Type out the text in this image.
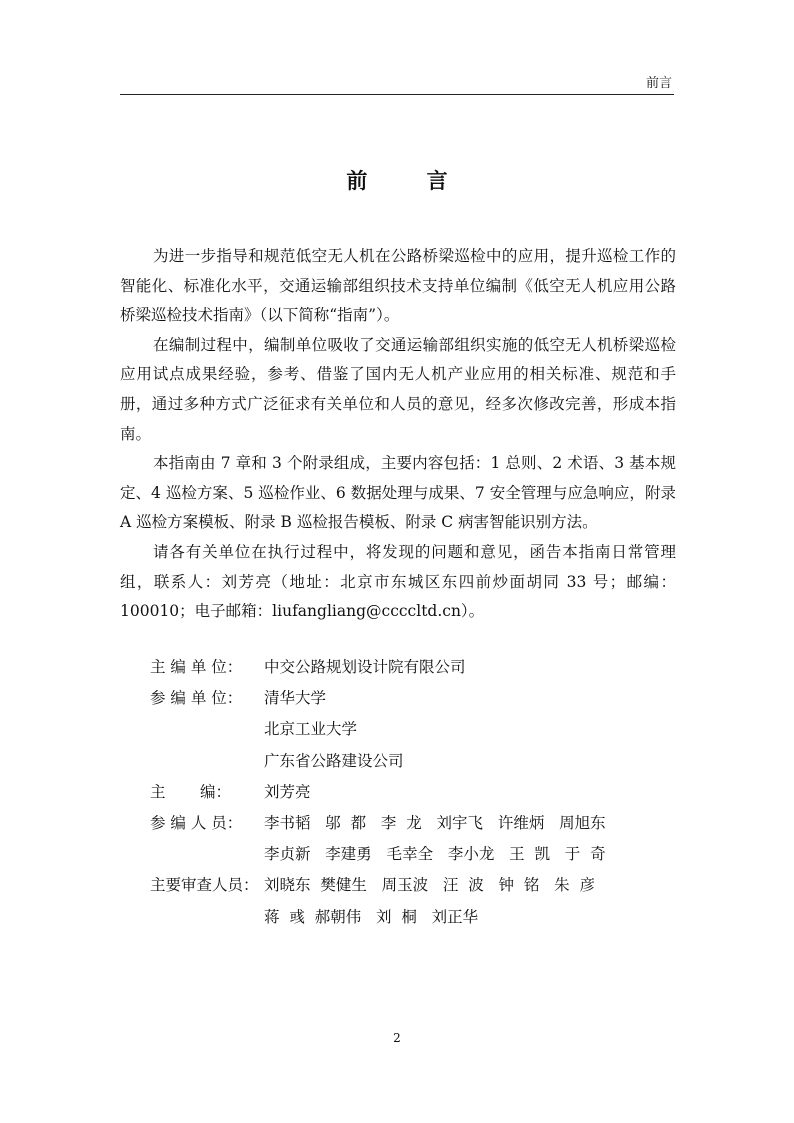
前言
前 言

为进一步指导和规范低空无人机在公路桥梁巡检中的应用，提升巡检工作的智能化、标准化水平，交通运输部组织技术支持单位编制《低空无人机应用公路桥梁巡检技术指南》（以下简称“指南”）。

在编制过程中，编制单位吸收了交通运输部组织实施的低空无人机桥梁巡检应用试点成果经验，参考、借鉴了国内无人机产业应用的相关标准、规范和手册，通过多种方式广泛征求有关单位和人员的意见，经多次修改完善，形成本指南。

本指南由 7 章和 3 个附录组成，主要内容包括：1 总则、2 术语、3 基本规定、4 巡检方案、5 巡检作业、6 数据处理与成果、7 安全管理与应急响应，附录 A 巡检方案模板、附录 B 巡检报告模板、附录 C 病害智能识别方法。

请各有关单位在执行过程中，将发现的问题和意见，函告本指南日常管理组，联系人：刘芳亮（地址：北京市东城区东四前炒面胡同 33 号；邮编：100010；电子邮箱：liufangliang@ccccltd.cn）。

主 编 单 位：	中交公路规划设计院有限公司
参 编 单 位：	清华大学
北京工业大学
广东省公路建设公司
主       编：	刘芳亮
参 编 人 员：	李书韬   邬  都   李  龙   刘宇飞   许维炳   周旭东
李贞新   李建勇   毛幸全   李小龙   王  凯   于  奇
主要审查人员： 刘晓东  樊健生   周玉波   汪  波   钟  铭   朱  彦
蒋  彧  郝朝伟   刘  桐   刘正华
2
